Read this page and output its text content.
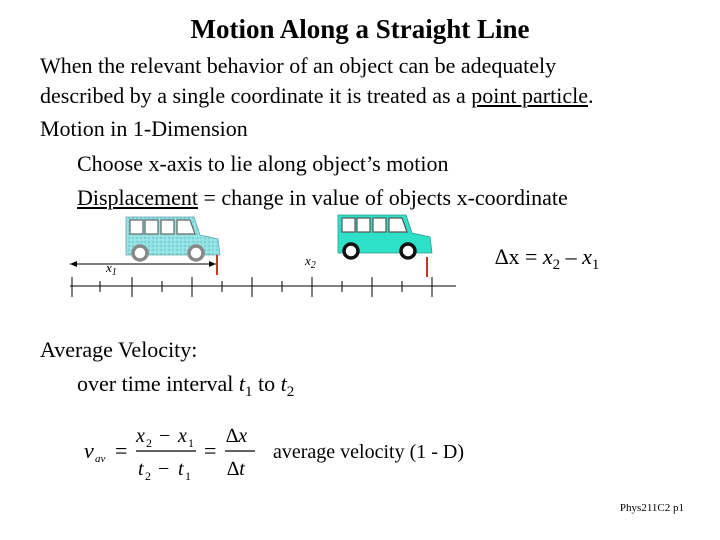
Motion Along a Straight Line
When the relevant behavior of an object can be adequately
described by a single coordinate it is treated as a point particle.
Motion in 1-Dimension
Choose x-axis to lie along object’s motion
Displacement = change in value of objects x-coordinate
$x_1$
$x_2$	$\Delta x = x_2 - x_1$
Average Velocity:
over time interval $t_1$ to $t_2$
v av =
x 2 − x 1
t 2 − t 1
=
∆x
∆t
average velocity (1 - D)
Phys211C2 p1
